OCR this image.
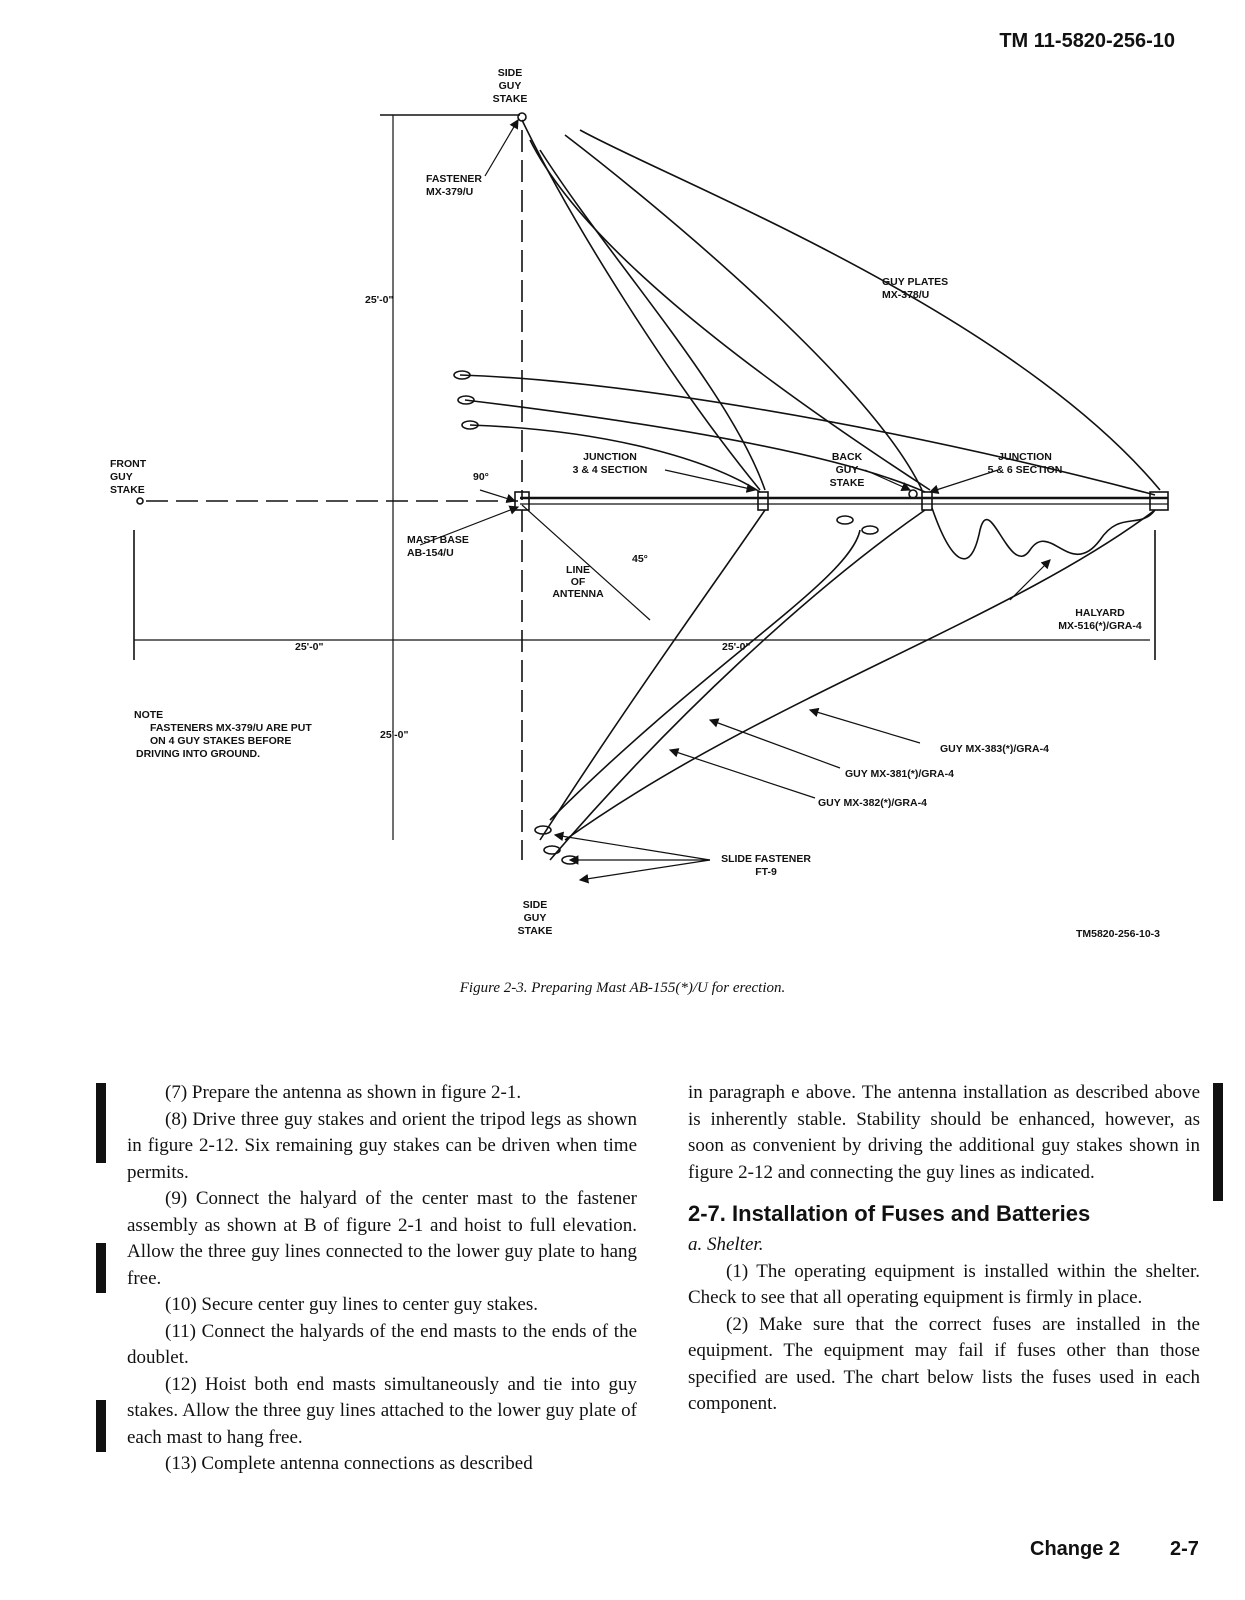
TM 11-5820-256-10
SIDE GUY STAKE
FASTENER MX-379/U
GUY PLATES MX-378/U
25'-0"
FRONT GUY STAKE
90°
JUNCTION 3 & 4 SECTION
BACK GUY STAKE
JUNCTION 5 & 6 SECTION
MAST BASE AB-154/U	45°
LINE OF ANTENNA
HALYARD MX-516(*)/GRA-4
25'-0"	25'-0"
25'-0"
NOTE
FASTENERS MX-379/U ARE PUT ON 4 GUY STAKES BEFORE DRIVING INTO GROUND.	GUY MX-383(*)/GRA-4
GUY MX-381(*)/GRA-4
GUY MX-382(*)/GRA-4
SLIDE FASTENER FT-9
SIDE GUY STAKE	TM5820-256-10-3
Figure 2-3. Preparing Mast AB-155(*)/U for erection.

(7) Prepare the antenna as shown in figure 2-1.

(8) Drive three guy stakes and orient the tripod legs as shown in figure 2-12. Six remaining guy stakes can be driven when time permits.

(9) Connect the halyard of the center mast to the fastener assembly as shown at B of figure 2-1 and hoist to full elevation. Allow the three guy lines connected to the lower guy plate to hang free.

(10) Secure center guy lines to center guy stakes.

(11) Connect the halyards of the end masts to the ends of the doublet.

(12) Hoist both end masts simultaneously and tie into guy stakes. Allow the three guy lines attached to the lower guy plate of each mast to hang free.

(13) Complete antenna connections as described

in paragraph e above. The antenna installation as described above is inherently stable. Stability should be enhanced, however, as soon as convenient by driving the additional guy stakes shown in figure 2-12 and connecting the guy lines as indicated.

2-7. Installation of Fuses and Batteries

a. Shelter.

(1) The operating equipment is installed within the shelter. Check to see that all operating equipment is firmly in place.

(2) Make sure that the correct fuses are installed in the equipment. The equipment may fail if fuses other than those specified are used. The chart below lists the fuses used in each component.

Change 2 2-7
